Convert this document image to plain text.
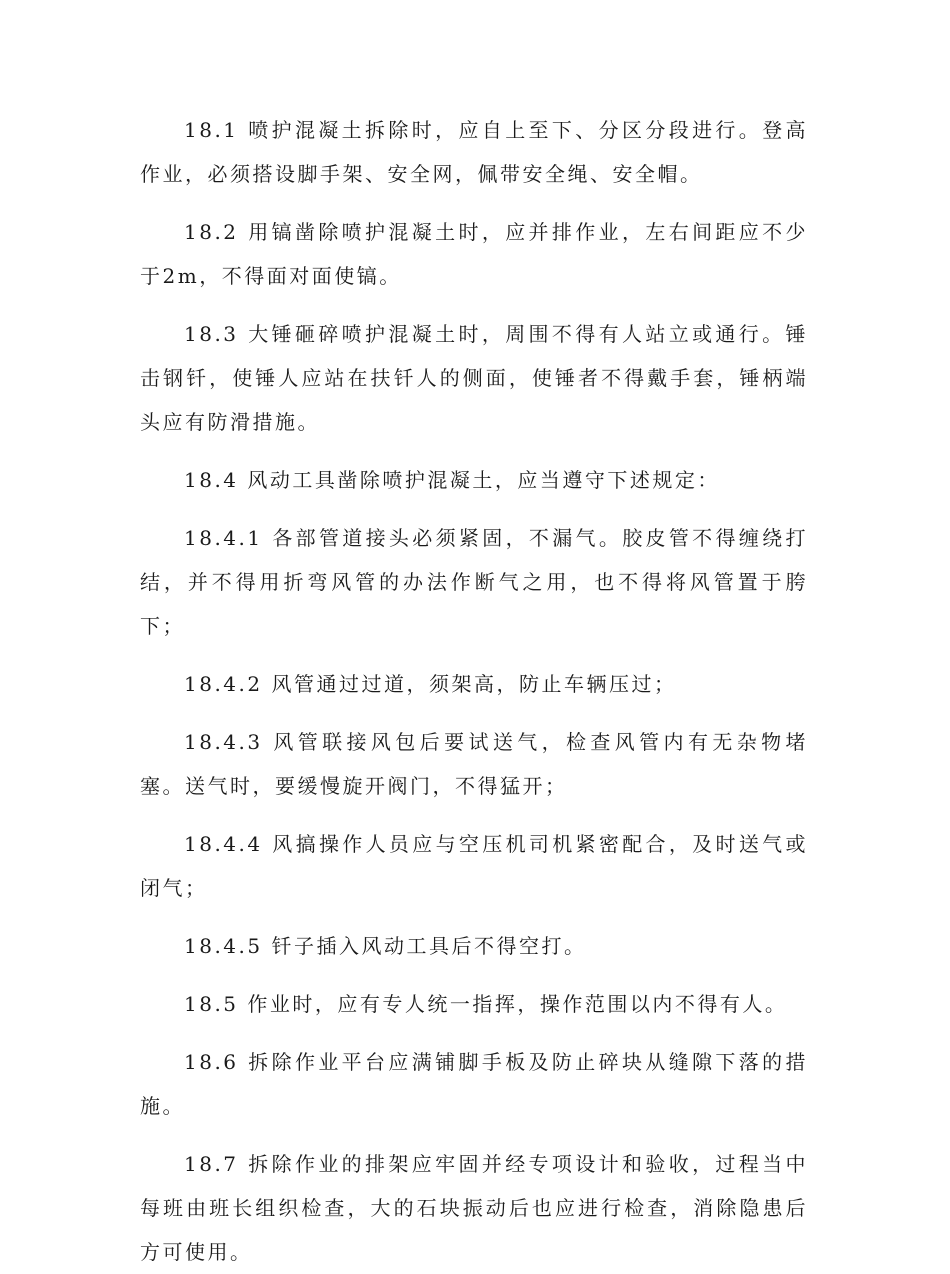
18.1 喷护混凝土拆除时，应自上至下、分区分段进行。登高作业，必须搭设脚手架、安全网，佩带安全绳、安全帽。

18.2 用镐凿除喷护混凝土时，应并排作业，左右间距应不少于2m，不得面对面使镐。

18.3 大锤砸碎喷护混凝土时，周围不得有人站立或通行。锤击钢钎，使锤人应站在扶钎人的侧面，使锤者不得戴手套，锤柄端头应有防滑措施。

18.4 风动工具凿除喷护混凝土，应当遵守下述规定：

18.4.1 各部管道接头必须紧固，不漏气。胶皮管不得缠绕打结，并不得用折弯风管的办法作断气之用，也不得将风管置于胯下；

18.4.2 风管通过过道，须架高，防止车辆压过；

18.4.3 风管联接风包后要试送气，检查风管内有无杂物堵塞。送气时，要缓慢旋开阀门，不得猛开；

18.4.4 风搞操作人员应与空压机司机紧密配合，及时送气或闭气；

18.4.5 钎子插入风动工具后不得空打。

18.5 作业时，应有专人统一指挥，操作范围以内不得有人。

18.6 拆除作业平台应满铺脚手板及防止碎块从缝隙下落的措施。

18.7 拆除作业的排架应牢固并经专项设计和验收，过程当中每班由班长组织检查，大的石块振动后也应进行检查，消除隐患后方可使用。
